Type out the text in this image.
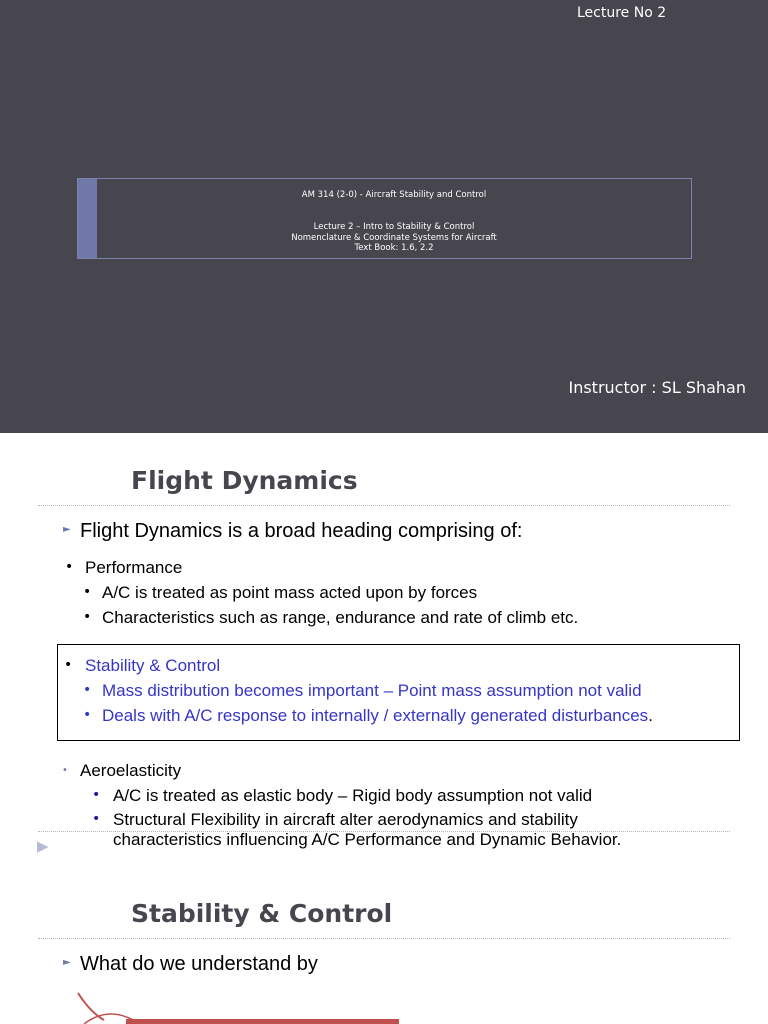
Lecture No 2
AM 314 (2-0) - Aircraft Stability and Control
Lecture 2 – Intro to Stability & Control
Nomenclature & Coordinate Systems for Aircraft
Text Book: 1.6, 2.2
Instructor : SL Shahan
Flight Dynamics
► Flight Dynamics is a broad heading comprising of:
• Performance
• A/C is treated as point mass acted upon by forces
• Characteristics such as range, endurance and rate of climb etc.
• Stability & Control
• Mass distribution becomes important – Point mass assumption not valid
• Deals with A/C response to internally / externally generated disturbances.
• Aeroelasticity
• A/C is treated as elastic body – Rigid body assumption not valid
• Structural Flexibility in aircraft alter aerodynamics and stability
characteristics influencing A/C Performance and Dynamic Behavior.
▶
Stability & Control
► What do we understand by
